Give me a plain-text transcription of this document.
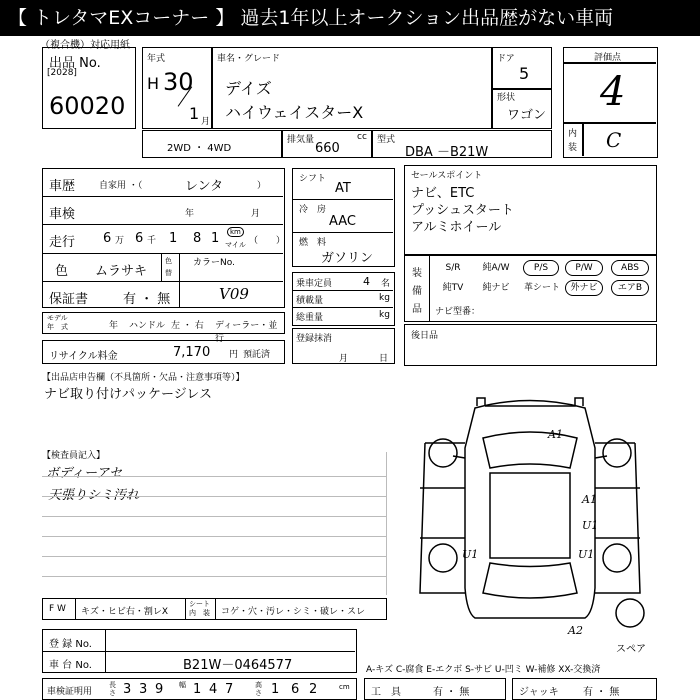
【 トレタマEXコーナー 】 過去1年以上オークション出品歴がない車両
（複合機）対応用紙
出品 No.
[2028]
60020
年式
H 30
1 月
車名・グレード
デイズ
ハイウェイスターX
ドア
5
形状
ワゴン
評価点
4
内
装 C
2WD ・ 4WD
排気量	cc
660
型式
DBA －B21W
車歴	自家用 ・（	レンタ	）
車検	年	月
走行 6 万 6 千 1 8 1	km
マイル （　　）
色 ムラサキ
色
替
カラーNo.
保証書	有 ・ 無	V09
モデル
年　式	年 ハンドル 左 ・ 右 ディーラー・並行
リサイクル料金	7,170 円 預託済
シフト
AT
冷　房
AAC
燃　料
ガソリン
乗車定員	4 名
積載量	kg
総重量	kg
登録抹消
月	日
セールスポイント
ナビ、ETC
プッシュスタート
アルミホイール
装
備
品
S/R	純A/W	P/S	P/W	ABS
純TV	純ナビ	革シート	外ナビ	エアB
ナビ型番：
後日品
【出品店申告欄（不具箇所・欠品・注意事項等）】
ナビ取り付けパッケージレス
【検査員記入】
ボディーアセ
天張りシミ汚れ
A1
A1
U1
U1	U1
A2
スペア
F W キズ・ヒビ右・割レX
シート
内　装 コゲ・穴・汚レ・シミ・破レ・スレ
登 録 No.
車 台 No.	B21W－0464577	A-キズ C-腐食 E-エクボ S-サビ U-凹ミ W-補修 XX-交換済
車検証明用
長さ 3 3 9 幅 1 4 7	高さ 1 6 2	cm 工　具	有 ・ 無	ジャッキ 有 ・ 無
